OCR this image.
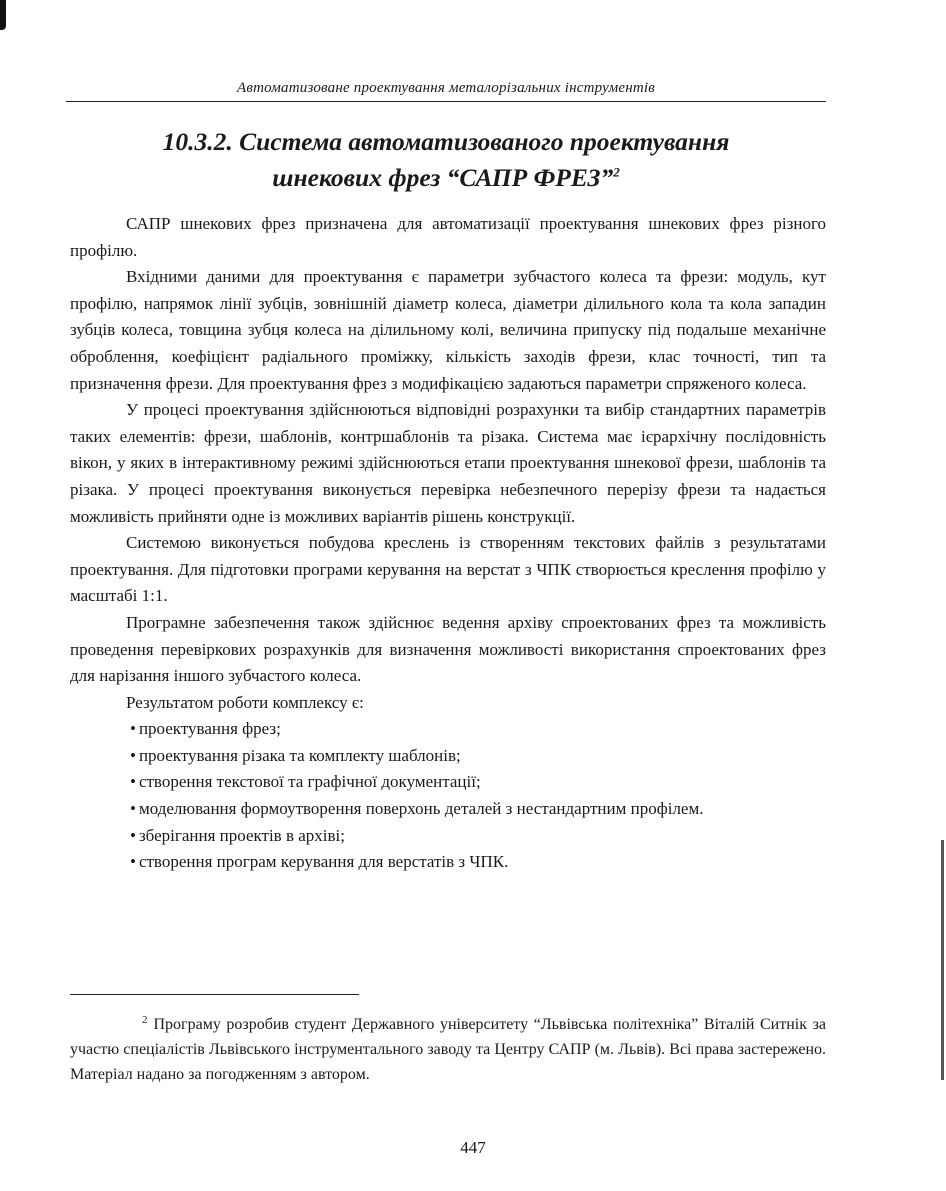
Автоматизоване проектування металорізальних інструментів
10.3.2. Система автоматизованого проектування
шнекових фрез “САПР ФРЕЗ”$^2$

САПР шнекових фрез призначена для автоматизації проектування шнекових фрез різного профілю.

Вхідними даними для проектування є параметри зубчастого колеса та фрези: модуль, кут профілю, напрямок лінії зубців, зовнішній діаметр колеса, діаметри ділильного кола та кола западин зубців колеса, товщина зубця колеса на ділильному колі, величина припуску під подальше механічне оброблення, коефіцієнт радіального проміжку, кількість заходів фрези, клас точності, тип та призначення фрези. Для проектування фрез з модифікацією задаються параметри спряженого колеса.

У процесі проектування здійснюються відповідні розрахунки та вибір стандартних параметрів таких елементів: фрези, шаблонів, контршаблонів та різака. Система має ієрархічну послідовність вікон, у яких в інтерактивному режимі здійснюються етапи проектування шнекової фрези, шаблонів та різака. У процесі проектування виконується перевірка небезпечного перерізу фрези та надається можливість прийняти одне із можливих варіантів рішень конструкції.

Системою виконується побудова креслень із створенням текстових файлів з результатами проектування. Для підготовки програми керування на верстат з ЧПК створюється креслення профілю у масштабі 1:1.

Програмне забезпечення також здійснює ведення архіву спроектованих фрез та можливість проведення перевіркових розрахунків для визначення можливості використання спроектованих фрез для нарізання іншого зубчастого колеса.

Результатом роботи комплексу є:

• проектування фрез;
• проектування різака та комплекту шаблонів;
• створення текстової та графічної документації;
• моделювання формоутворення поверхонь деталей з нестандартним профілем.
• зберігання проектів в архіві;
• створення програм керування для верстатів з ЧПК.
$^2$ Програму розробив студент Державного університету “Львівська політехніка” Віталій Ситнік за участю спеціалістів Львівського інструментального заводу та Центру САПР (м. Львів). Всі права застережено. Матеріал надано за погодженням з автором.
447
